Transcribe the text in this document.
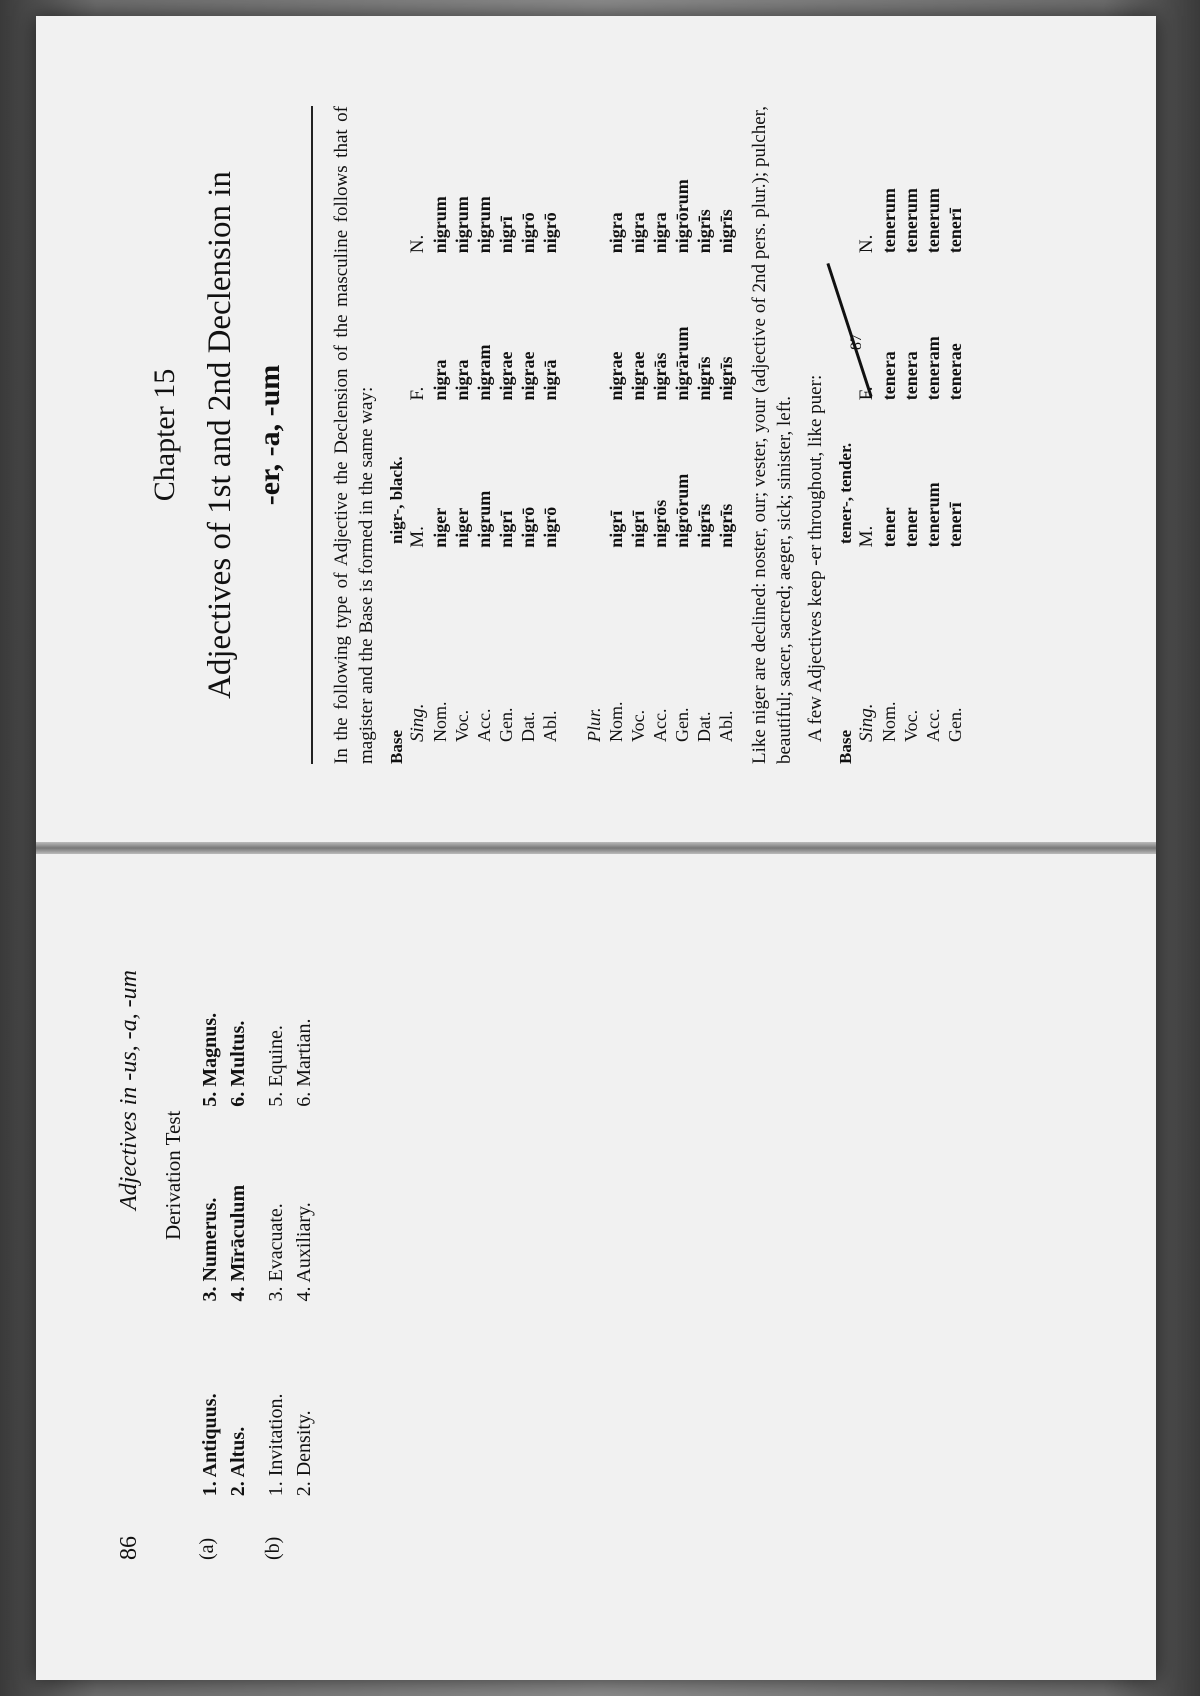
86
Adjectives in -us, -a, -um Derivation Test
(a)
1. Antiquus. 2. Altus.
3. Numerus. 4. Mīrāculum
5. Magnus. 6. Multus.
(b)
1. Invitation. 2. Density.
3. Evacuate. 4. Auxiliary.
5. Equine. 6. Martian.
Chapter 15 Adjectives of 1st and 2nd Declension in -er, -a, -um In the following type of Adjective the Declension of the masculine follows that of magister and the Base is formed in the same way: Base
nigr-, black.
Sing.	M.	F.	N.
Nom.	niger	nigra	nigrum
Voc.	niger	nigra	nigrum
Acc.	nigrum	nigram	nigrum
Gen.	nigrī	nigrae	nigrī
Dat.	nigrō	nigrae	nigrō
Abl.	nigrō	nigrā	nigrō

Plur.			
Nom.	nigrī	nigrae	nigra
Voc.	nigrī	nigrae	nigra
Acc.	nigrōs	nigrās	nigra
Gen.	nigrōrum	nigrārum	nigrōrum
Dat.	nigrīs	nigrīs	nigrīs
Abl.	nigrīs	nigrīs	nigrīs Like niger are declined: noster, our; vester, your (adjective of 2nd pers. plur.); pulcher, beautiful; sacer, sacred; aeger, sick; sinister, left. A few Adjectives keep -er throughout, like puer:

Base
tener-, tender.
Sing.	M.	F.	N.
Nom.	tener	tenera	tenerum
Voc.	tener	tenera	tenerum
Acc.	tenerum	teneram	tenerum
Gen.	tenerī	tenerae	tenerī
87
